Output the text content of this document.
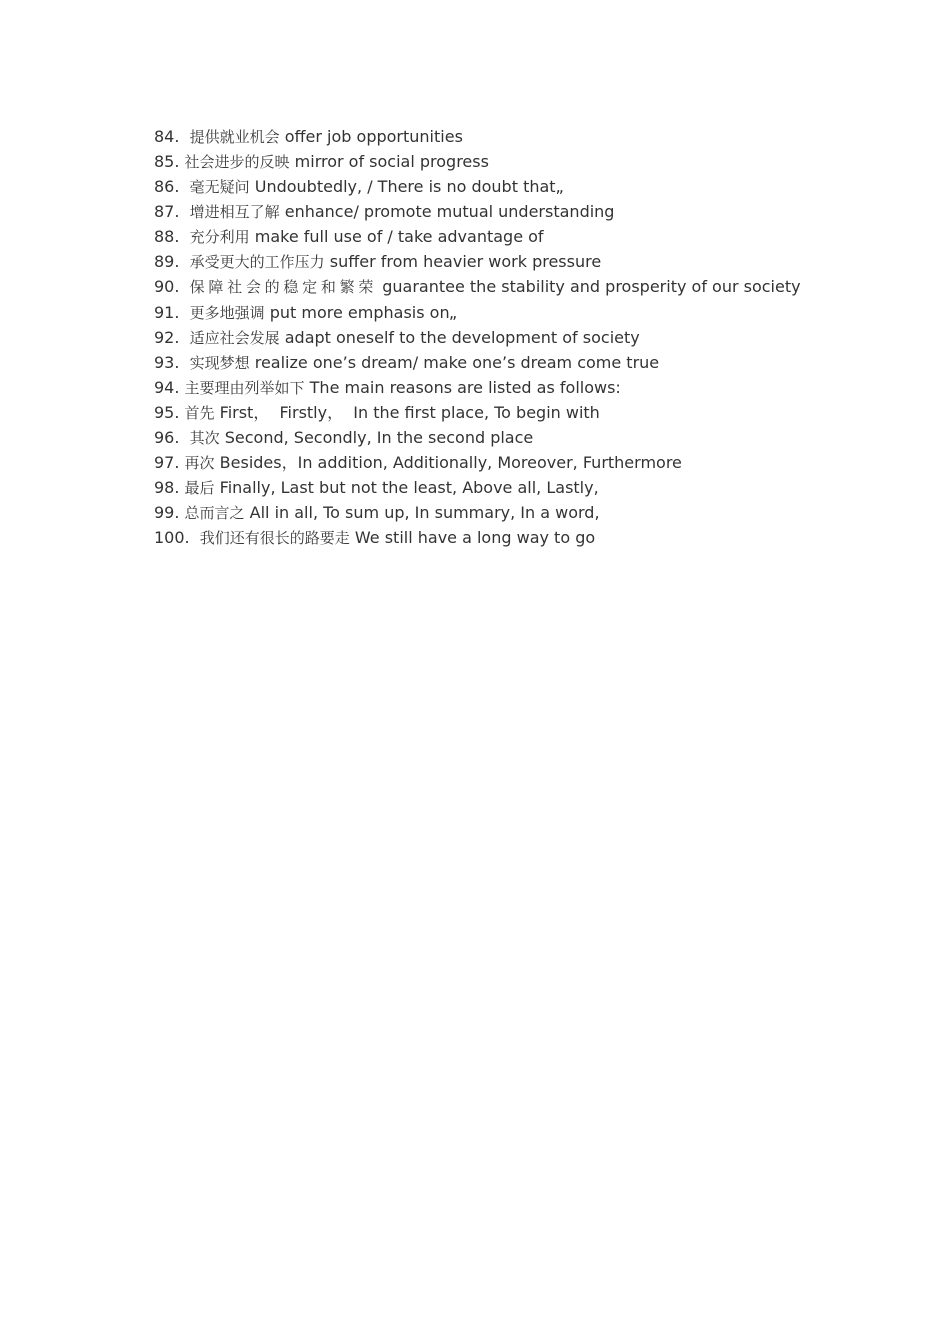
84. 提供就业机会 offer job opportunities
85. 社会进步的反映 mirror of social progress
86. 毫无疑问 Undoubtedly, / There is no doubt that„
87. 增进相互了解 enhance/ promote mutual understanding
88. 充分利用 make full use of / take advantage of
89. 承受更大的工作压力 suffer from heavier work pressure
90. 保障社会的稳定和繁荣 guarantee the stability and prosperity of our society
91. 更多地强调 put more emphasis on„
92. 适应社会发展 adapt oneself to the development of society
93. 实现梦想 realize one’s dream/ make one’s dream come true
94. 主要理由列举如下 The main reasons are listed as follows:
95. 首先 First，  Firstly，  In the first place, To begin with
96. 其次 Second, Secondly, In the second place
97. 再次 Besides，In addition, Additionally, Moreover, Furthermore
98. 最后 Finally, Last but not the least, Above all, Lastly,
99. 总而言之 All in all, To sum up, In summary, In a word,
100. 我们还有很长的路要走 We still have a long way to go
